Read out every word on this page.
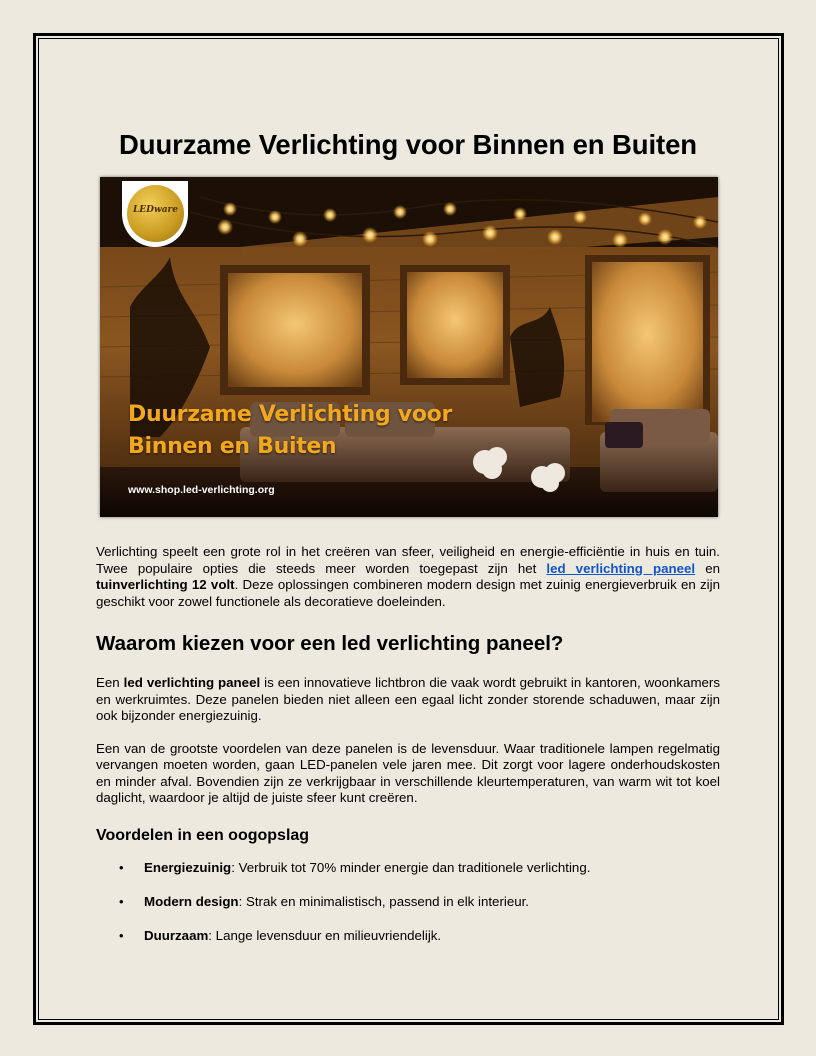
Duurzame Verlichting voor Binnen en Buiten
LEDware
Duurzame Verlichting voor
Binnen en Buiten
www.shop.led-verlichting.org

Verlichting speelt een grote rol in het creëren van sfeer, veiligheid en energie-efficiëntie in huis en tuin. Twee populaire opties die steeds meer worden toegepast zijn het led verlichting paneel en tuinverlichting 12 volt. Deze oplossingen combineren modern design met zuinig energieverbruik en zijn geschikt voor zowel functionele als decoratieve doeleinden.

Waarom kiezen voor een led verlichting paneel?

Een led verlichting paneel is een innovatieve lichtbron die vaak wordt gebruikt in kantoren, woonkamers en werkruimtes. Deze panelen bieden niet alleen een egaal licht zonder storende schaduwen, maar zijn ook bijzonder energiezuinig.

Een van de grootste voordelen van deze panelen is de levensduur. Waar traditionele lampen regelmatig vervangen moeten worden, gaan LED-panelen vele jaren mee. Dit zorgt voor lagere onderhoudskosten en minder afval. Bovendien zijn ze verkrijgbaar in verschillende kleurtemperaturen, van warm wit tot koel daglicht, waardoor je altijd de juiste sfeer kunt creëren.

Voordelen in een oogopslag
• Energiezuinig: Verbruik tot 70% minder energie dan traditionele verlichting.
• Modern design: Strak en minimalistisch, passend in elk interieur.
• Duurzaam: Lange levensduur en milieuvriendelijk.
